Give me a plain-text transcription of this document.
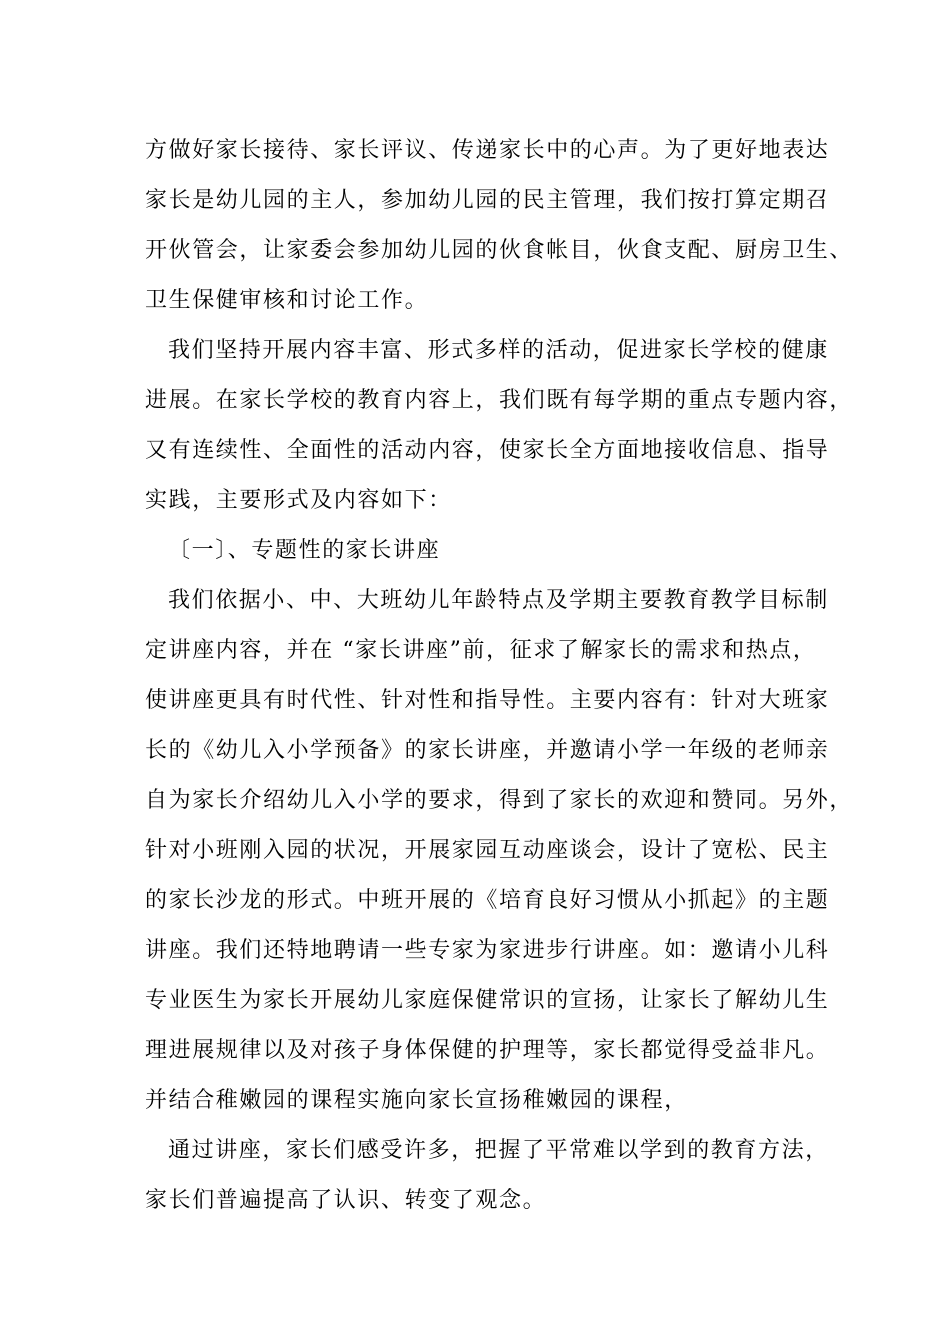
方做好家长接待、家长评议、传递家长中的心声。为了更好地表达
家长是幼儿园的主人，参加幼儿园的民主管理，我们按打算定期召
开伙管会，让家委会参加幼儿园的伙食帐目，伙食支配、厨房卫生、
卫生保健审核和讨论工作。
我们坚持开展内容丰富、形式多样的活动，促进家长学校的健康
进展。在家长学校的教育内容上，我们既有每学期的重点专题内容，
又有连续性、全面性的活动内容，使家长全方面地接收信息、指导
实践，主要形式及内容如下：
〔一〕、专题性的家长讲座
我们依据小、中、大班幼儿年龄特点及学期主要教育教学目标制
定讲座内容，并在 “家长讲座”前，征求了解家长的需求和热点，
使讲座更具有时代性、针对性和指导性。主要内容有：针对大班家
长的《幼儿入小学预备》的家长讲座，并邀请小学一年级的老师亲
自为家长介绍幼儿入小学的要求，得到了家长的欢迎和赞同。另外，
针对小班刚入园的状况，开展家园互动座谈会，设计了宽松、民主
的家长沙龙的形式。中班开展的《培育良好习惯从小抓起》的主题
讲座。我们还特地聘请一些专家为家进步行讲座。如：邀请小儿科
专业医生为家长开展幼儿家庭保健常识的宣扬，让家长了解幼儿生
理进展规律以及对孩子身体保健的护理等，家长都觉得受益非凡。
并结合稚嫩园的课程实施向家长宣扬稚嫩园的课程，
通过讲座，家长们感受许多，把握了平常难以学到的教育方法，
家长们普遍提高了认识、转变了观念。
